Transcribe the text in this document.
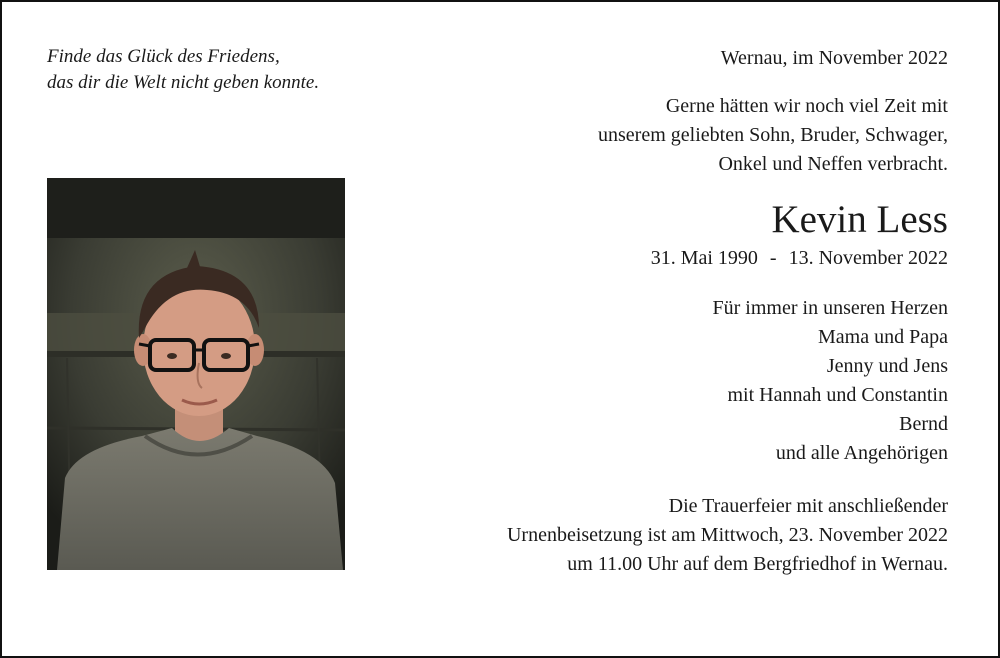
Finde das Glück des Friedens,
das dir die Welt nicht geben konnte.
Wernau, im November 2022
Gerne hätten wir noch viel Zeit mit
unserem geliebten Sohn, Bruder, Schwager,
Onkel und Neffen verbracht.
Kevin Less
31. Mai 1990 - 13. November 2022
Für immer in unseren Herzen
Mama und Papa
Jenny und Jens
mit Hannah und Constantin
Bernd
und alle Angehörigen
Die Trauerfeier mit anschließender
Urnenbeisetzung ist am Mittwoch, 23. November 2022
um 11.00 Uhr auf dem Bergfriedhof in Wernau.
